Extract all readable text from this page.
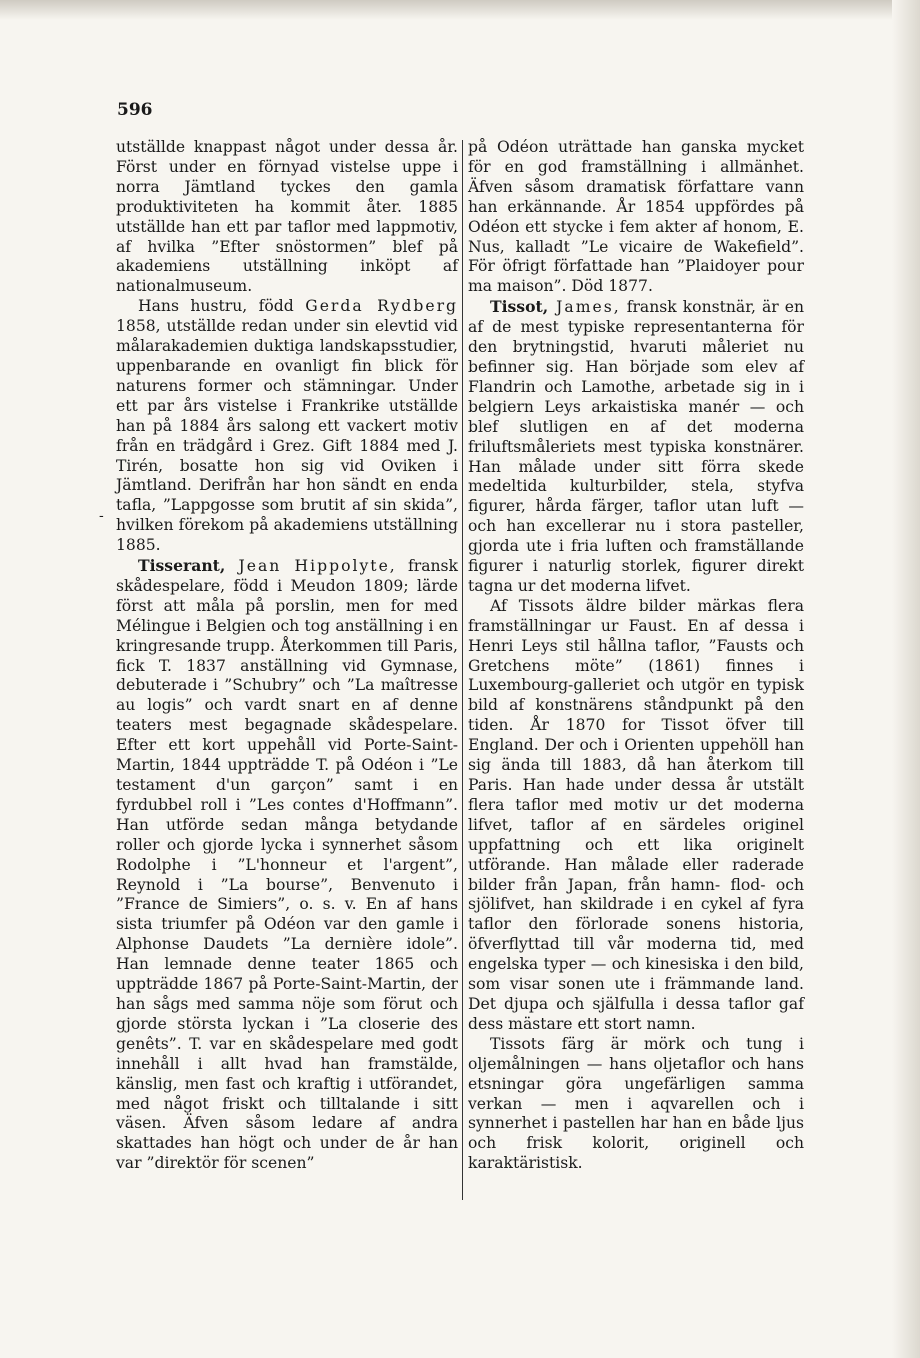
596
-

utställde knappast något under dessa år. Först under en förnyad vistelse uppe i norra Jämtland tyckes den gamla produktiviteten ha kommit åter. 1885 utställde han ett par taflor med lappmotiv, af hvilka ”Efter snöstormen” blef på akademiens utställning inköpt af nationalmuseum.

Hans hustru, född Gerda Rydberg 1858, utställde redan under sin elevtid vid målarakademien duktiga landskapsstudier, uppenbarande en ovanligt fin blick för naturens former och stämningar. Under ett par års vistelse i Frankrike utställde han på 1884 års salong ett vackert motiv från en trädgård i Grez. Gift 1884 med J. Tirén, bosatte hon sig vid Oviken i Jämtland. Derifrån har hon sändt en enda tafla, ”Lappgosse som brutit af sin skida”, hvilken förekom på akademiens utställning 1885.

Tisserant, Jean Hippolyte, fransk skådespelare, född i Meudon 1809; lärde först att måla på porslin, men for med Mélingue i Belgien och tog anställning i en kringresande trupp. Återkommen till Paris, fick T. 1837 anställning vid Gymnase, debuterade i ”Schubry” och ”La maîtresse au logis” och vardt snart en af denne teaters mest begagnade skådespelare. Efter ett kort uppehåll vid Porte-Saint-Martin, 1844 uppträdde T. på Odéon i ”Le testament d'un garçon” samt i en fyrdubbel roll i ”Les contes d'Hoffmann”. Han utförde sedan många betydande roller och gjorde lycka i synnerhet såsom Rodolphe i ”L'honneur et l'argent”, Reynold i ”La bourse”, Benvenuto i ”France de Simiers”, o. s. v. En af hans sista triumfer på Odéon var den gamle i Alphonse Daudets ”La dernière idole”. Han lemnade denne teater 1865 och uppträdde 1867 på Porte-Saint-Martin, der han sågs med samma nöje som förut och gjorde största lyckan i ”La closerie des genêts”. T. var en skådespelare med godt innehåll i allt hvad han framstälde, känslig, men fast och kraftig i utförandet, med något friskt och tilltalande i sitt väsen. Äfven såsom ledare af andra skattades han högt och under de år han var ”direktör för scenen”

på Odéon uträttade han ganska mycket för en god framställning i allmänhet. Äfven såsom dramatisk författare vann han erkännande. År 1854 uppfördes på Odéon ett stycke i fem akter af honom, E. Nus, kalladt ”Le vicaire de Wakefield”. För öfrigt författade han ”Plaidoyer pour ma maison”. Död 1877.

Tissot, James, fransk konstnär, är en af de mest typiske representanterna för den brytningstid, hvaruti måleriet nu befinner sig. Han började som elev af Flandrin och Lamothe, arbetade sig in i belgiern Leys arkaistiska manér — och blef slutligen en af det moderna friluftsmåleriets mest typiska konstnärer. Han målade under sitt förra skede medeltida kulturbilder, stela, styfva figurer, hårda färger, taflor utan luft — och han excellerar nu i stora pasteller, gjorda ute i fria luften och framställande figurer i naturlig storlek, figurer direkt tagna ur det moderna lifvet.

Af Tissots äldre bilder märkas flera framställningar ur Faust. En af dessa i Henri Leys stil hållna taflor, ”Fausts och Gretchens möte” (1861) finnes i Luxembourg-galleriet och utgör en typisk bild af konstnärens ståndpunkt på den tiden. År 1870 for Tissot öfver till England. Der och i Orienten uppehöll han sig ända till 1883, då han återkom till Paris. Han hade under dessa år utstält flera taflor med motiv ur det moderna lifvet, taflor af en särdeles originel uppfattning och ett lika originelt utförande. Han målade eller raderade bilder från Japan, från hamn- flod- och sjölifvet, han skildrade i en cykel af fyra taflor den förlorade sonens historia, öfverflyttad till vår moderna tid, med engelska typer — och kinesiska i den bild, som visar sonen ute i främmande land. Det djupa och själfulla i dessa taflor gaf dess mästare ett stort namn.

Tissots färg är mörk och tung i oljemålningen — hans oljetaflor och hans etsningar göra ungefärligen samma verkan — men i aqvarellen och i synnerhet i pastellen har han en både ljus och frisk kolorit, originell och karaktäristisk.
